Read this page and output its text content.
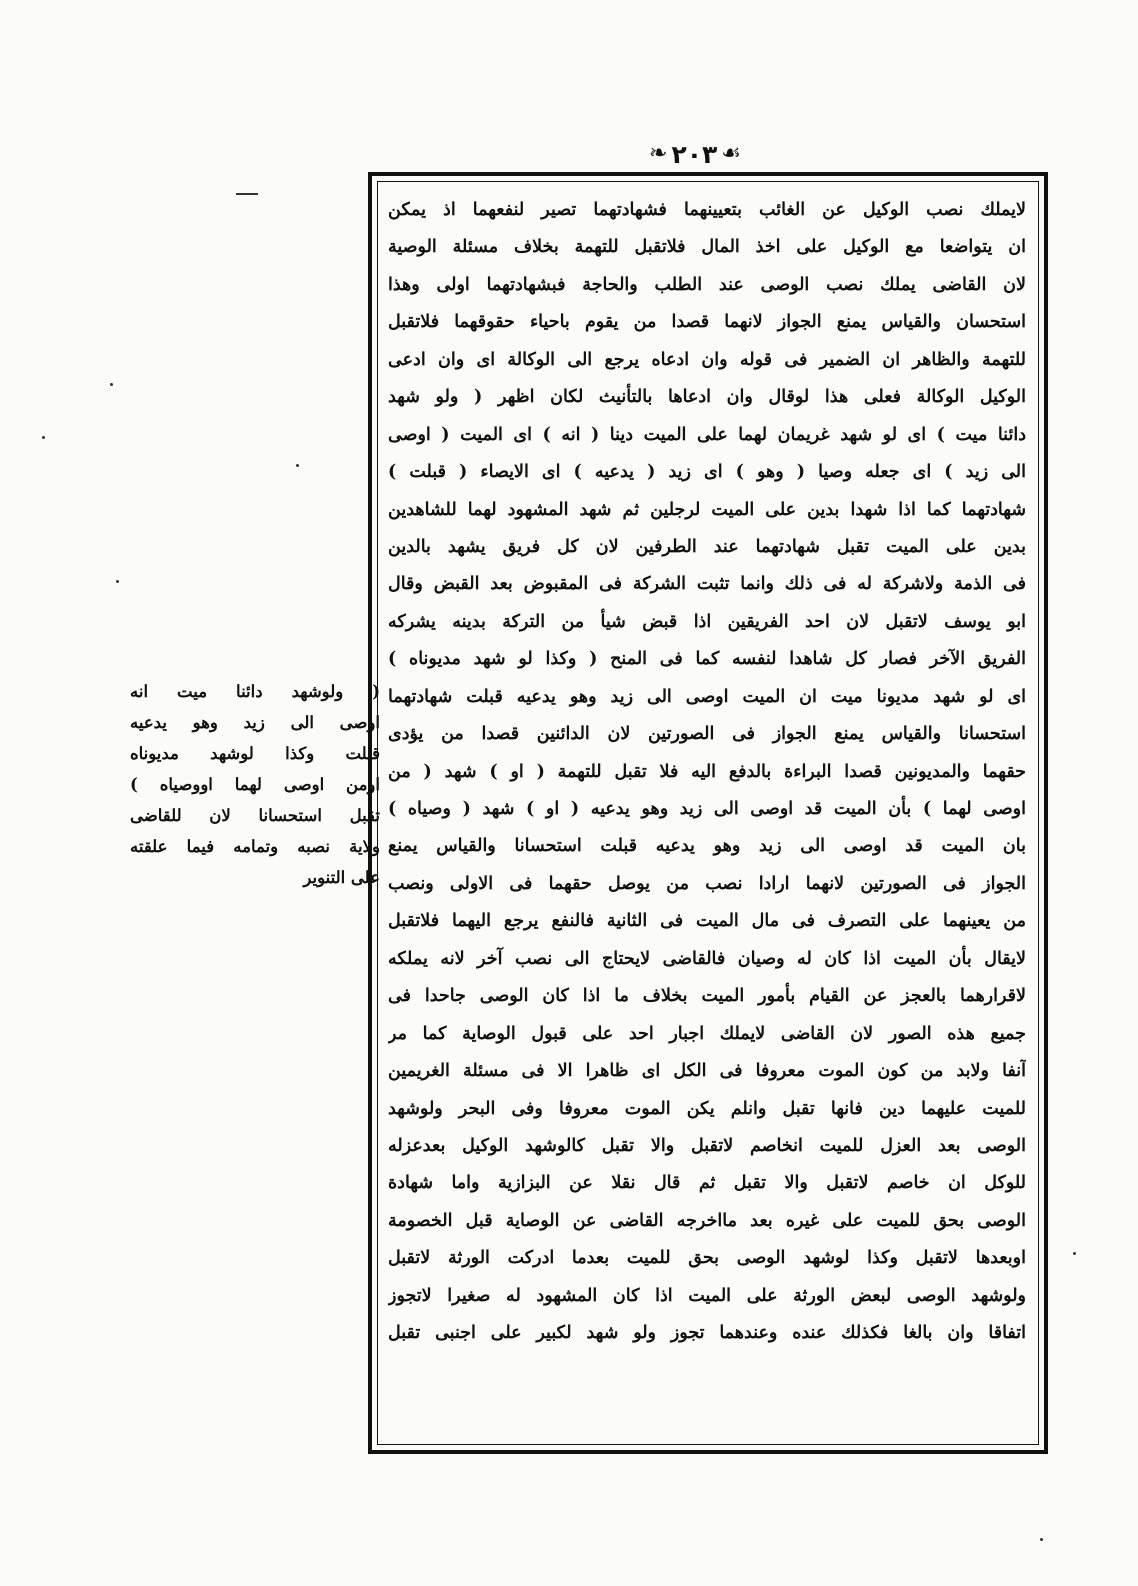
☙
٢٠٣
❧
لايملك نصب الوكيل عن الغائب بتعيينهما فشهادتهما تصير لنفعهما اذ يمكن
ان يتواضعا مع الوكيل على اخذ المال فلاتقبل للتهمة بخلاف مسئلة الوصية
لان القاضى يملك نصب الوصى عند الطلب والحاجة فبشهادتهما اولى وهذا
استحسان والقياس يمنع الجواز لانهما قصدا من يقوم باحياء حقوقهما فلاتقبل
للتهمة والظاهر ان الضمير فى قوله وان ادعاه يرجع الى الوكالة اى وان ادعى
الوكيل الوكالة فعلى هذا لوقال وان ادعاها بالتأنيث لكان اظهر ( ولو شهد
دائنا ميت ) اى لو شهد غريمان لهما على الميت دينا ( انه ) اى الميت ( اوصى
الى زيد ) اى جعله وصيا ( وهو ) اى زيد ( يدعيه ) اى الايصاء ( قبلت )
شهادتهما كما اذا شهدا بدين على الميت لرجلين ثم شهد المشهود لهما للشاهدين
بدين على الميت تقبل شهادتهما عند الطرفين لان كل فريق يشهد بالدين
فى الذمة ولاشركة له فى ذلك وانما تثبت الشركة فى المقبوض بعد القبض وقال
ابو يوسف لاتقبل لان احد الفريقين اذا قبض شيأ من التركة بدينه يشركه
الفريق الآخر فصار كل شاهدا لنفسه كما فى المنح ( وكذا لو شهد مديوناه )
اى لو شهد مديونا ميت ان الميت اوصى الى زيد وهو يدعيه قبلت شهادتهما
استحسانا والقياس يمنع الجواز فى الصورتين لان الدائنين قصدا من يؤدى
حقهما والمديونين قصدا البراءة بالدفع اليه فلا تقبل للتهمة ( او ) شهد ( من
اوصى لهما ) بأن الميت قد اوصى الى زيد وهو يدعيه ( او ) شهد ( وصياه )
بان الميت قد اوصى الى زيد وهو يدعيه قبلت استحسانا والقياس يمنع
الجواز فى الصورتين لانهما ارادا نصب من يوصل حقهما فى الاولى ونصب
من يعينهما على التصرف فى مال الميت فى الثانية فالنفع يرجع اليهما فلاتقبل
لايقال بأن الميت اذا كان له وصيان فالقاضى لايحتاج الى نصب آخر لانه يملكه
لاقرارهما بالعجز عن القيام بأمور الميت بخلاف ما اذا كان الوصى جاحدا فى
جميع هذه الصور لان القاضى لايملك اجبار احد على قبول الوصاية كما مر
آنفا ولابد من كون الموت معروفا فى الكل اى ظاهرا الا فى مسئلة الغريمين
للميت عليهما دين فانها تقبل وانلم يكن الموت معروفا وفى البحر ولوشهد
الوصى بعد العزل للميت انخاصم لاتقبل والا تقبل كالوشهد الوكيل بعدعزله
للوكل ان خاصم لاتقبل والا تقبل ثم قال نقلا عن البزازية واما شهادة
الوصى بحق للميت على غيره بعد مااخرجه القاضى عن الوصاية قبل الخصومة
اوبعدها لاتقبل وكذا لوشهد الوصى بحق للميت بعدما ادركت الورثة لاتقبل
ولوشهد الوصى لبعض الورثة على الميت اذا كان المشهود له صغيرا لاتجوز
اتفاقا وان بالغا فكذلك عنده وعندهما تجوز ولو شهد لكبير على اجنبى تقبل
( ولوشهد دائنا ميت انه
اوصى الى زيد وهو يدعيه
قبلت وكذا لوشهد مديوناه
اومن اوصى لهما اووصياه )
تقبل استحسانا لان للقاضى
ولاية نصبه وتمامه فيما علقته
على التنوير
